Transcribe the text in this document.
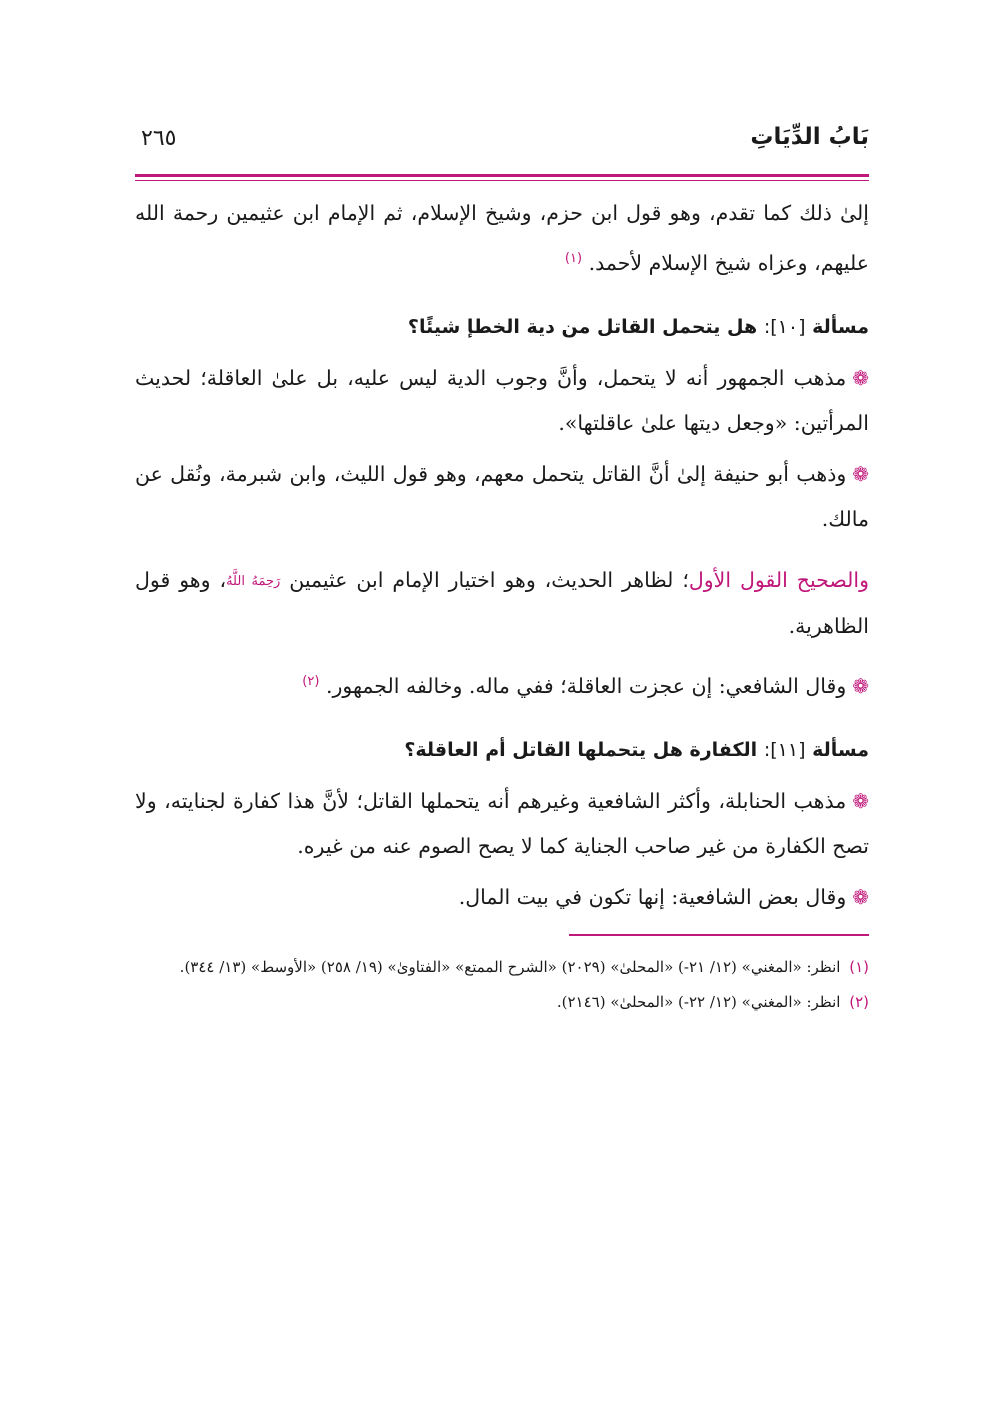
بَابُ الدِّيَاتِ
٢٦٥

إلىٰ ذلك كما تقدم، وهو قول ابن حزم، وشيخ الإسلام، ثم الإمام ابن عثيمين رحمة الله عليهم، وعزاه شيخ الإسلام لأحمد. $^{(١)}$

مسألة [١٠]: هل يتحمل القاتل من دية الخطإ شيئًا؟

❁مذهب الجمهور أنه لا يتحمل، وأنَّ وجوب الدية ليس عليه، بل علىٰ العاقلة؛ لحديث المرأتين: «وجعل ديتها علىٰ عاقلتها».

❁وذهب أبو حنيفة إلىٰ أنَّ القاتل يتحمل معهم، وهو قول الليث، وابن شبرمة، ونُقل عن مالك.

والصحيح القول الأول؛ لظاهر الحديث، وهو اختيار الإمام ابن عثيمين رَحِمَهُ اللَّهُ، وهو قول الظاهرية.

❁وقال الشافعي: إن عجزت العاقلة؛ ففي ماله. وخالفه الجمهور. $^{(٢)}$

مسألة [١١]: الكفارة هل يتحملها القاتل أم العاقلة؟

❁مذهب الحنابلة، وأكثر الشافعية وغيرهم أنه يتحملها القاتل؛ لأنَّ هذا كفارة لجنايته، ولا تصح الكفارة من غير صاحب الجناية كما لا يصح الصوم عنه من غيره.

❁وقال بعض الشافعية: إنها تكون في بيت المال.

(١) انظر: «المغني» (١٢/ ٢١-) «المحلىٰ» (٢٠٢٩) «الشرح الممتع» «الفتاوىٰ» (١٩/ ٢٥٨) «الأوسط» (١٣/ ٣٤٤).

(٢) انظر: «المغني» (١٢/ ٢٢-) «المحلىٰ» (٢١٤٦).
